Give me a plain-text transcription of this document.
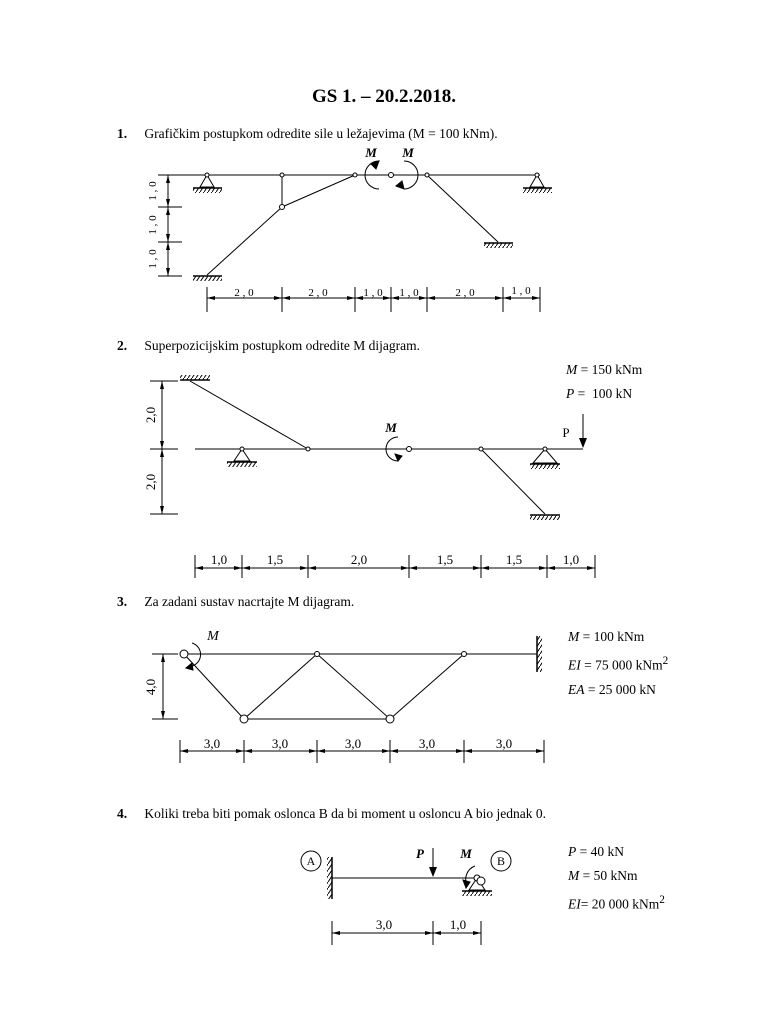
GS 1. – 20.2.2018.
1. Grafičkim postupkom odredite sile u ležajevima (M = 100 kNm).
2. Superpozicijskim postupkom odredite M dijagram.
3. Za zadani sustav nacrtajte M dijagram.
4. Koliki treba biti pomak oslonca B da bi moment u osloncu A bio jednak 0.
M = 150 kNm
P =  100 kN
M = 100 kNm
EI = 75 000 kNm$^2$
EA = 25 000 kN
P = 40 kN
M = 50 kNm
EI= 20 000 kNm$^2$
M M
2 , 0	2 , 0	1 , 0 1 , 0	2 , 0	1 , 0
1 , 0
1 , 0
1 , 0
M	P
1,0	1,5	2,0	1,5	1,5	1,0
2,0
2,0
M
3,0	3,0	3,0	3,0	3,0
4,0
A	B
P	M
3,0	1,0
